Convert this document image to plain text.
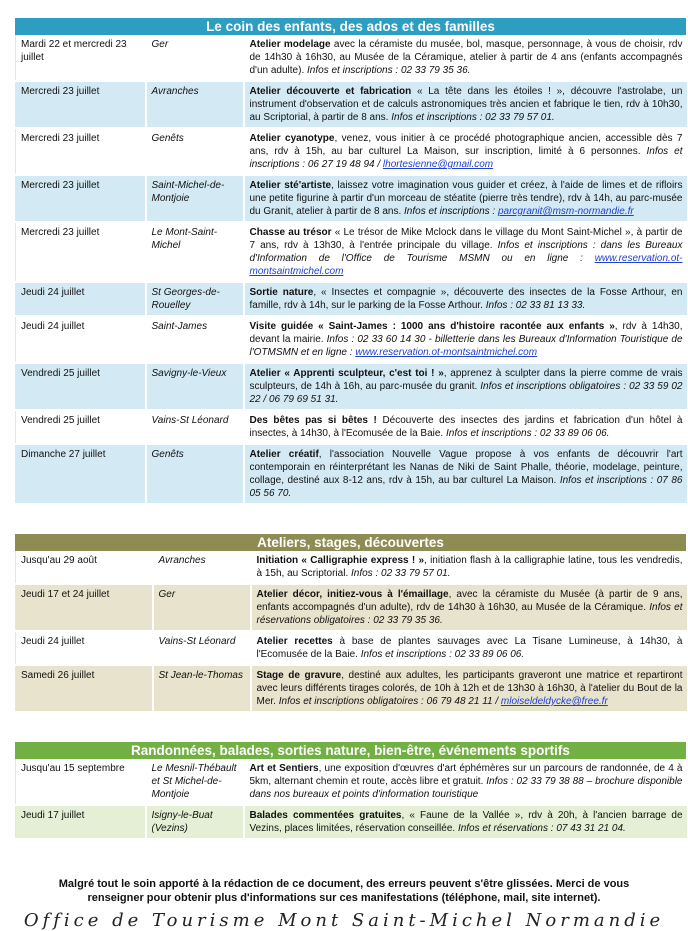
Le coin des enfants, des ados et des familles
Mardi 22 et mercredi 23 juillet	Ger	Atelier modelage avec la céramiste du musée, bol, masque, personnage, à vous de choisir, rdv de 14h30 à 16h30, au Musée de la Céramique, atelier à partir de 4 ans (enfants accompagnés d'un adulte). Infos et inscriptions : 02 33 79 35 36.
Mercredi 23 juillet	Avranches	Atelier découverte et fabrication « La tête dans les étoiles ! », découvre l'astrolabe, un instrument d'observation et de calculs astronomiques très ancien et fabrique le tien, rdv à 10h30, au Scriptorial, à partir de 8 ans. Infos et inscriptions : 02 33 79 57 01.
Mercredi 23 juillet	Genêts	Atelier cyanotype, venez, vous initier à ce procédé photographique ancien, accessible dès 7 ans, rdv à 15h, au bar culturel La Maison, sur inscription, limité à 6 personnes. Infos et inscriptions : 06 27 19 48 94 / lhortesienne@gmail.com
Mercredi 23 juillet	Saint-Michel-de-Montjoie	Atelier sté'artiste, laissez votre imagination vous guider et créez, à l'aide de limes et de rifloirs une petite figurine à partir d'un morceau de stéatite (pierre très tendre), rdv à 14h, au parc-musée du Granit, atelier à partir de 8 ans. Infos et inscriptions : parcgranit@msm-normandie.fr
Mercredi 23 juillet	Le Mont-Saint-Michel	Chasse au trésor « Le trésor de Mike Mclock dans le village du Mont Saint-Michel », à partir de 7 ans, rdv à 13h30, à l'entrée principale du village. Infos et inscriptions : dans les Bureaux d'Information de l'Office de Tourisme MSMN ou en ligne : www.reservation.ot-montsaintmichel.com
Jeudi 24 juillet	St Georges-de-Rouelley	Sortie nature, « Insectes et compagnie », découverte des insectes de la Fosse Arthour, en famille, rdv à 14h, sur le parking de la Fosse Arthour. Infos : 02 33 81 13 33.
Jeudi 24 juillet	Saint-James	Visite guidée « Saint-James : 1000 ans d'histoire racontée aux enfants », rdv à 14h30, devant la mairie. Infos : 02 33 60 14 30 - billetterie dans les Bureaux d'Information Touristique de l'OTMSMN et en ligne : www.reservation.ot-montsaintmichel.com
Vendredi 25 juillet	Savigny-le-Vieux	Atelier « Apprenti sculpteur, c'est toi ! », apprenez à sculpter dans la pierre comme de vrais sculpteurs, de 14h à 16h, au parc-musée du granit. Infos et inscriptions obligatoires : 02 33 59 02 22 / 06 79 69 51 31.
Vendredi 25 juillet	Vains-St Léonard	Des bêtes pas si bêtes ! Découverte des insectes des jardins et fabrication d'un hôtel à insectes, à 14h30, à l'Ecomusée de la Baie. Infos et inscriptions : 02 33 89 06 06.
Dimanche 27 juillet	Genêts	Atelier créatif, l'association Nouvelle Vague propose à vos enfants de découvrir l'art contemporain en réinterprétant les Nanas de Niki de Saint Phalle, théorie, modelage, peinture, collage, destiné aux 8-12 ans, rdv à 15h, au bar culturel La Maison. Infos et inscriptions : 07 86 05 56 70.
Ateliers, stages, découvertes
Jusqu'au 29 août	Avranches	Initiation « Calligraphie express ! », initiation flash à la calligraphie latine, tous les vendredis, à 15h, au Scriptorial. Infos : 02 33 79 57 01.
Jeudi 17 et 24 juillet	Ger	Atelier décor, initiez-vous à l'émaillage, avec la céramiste du Musée (à partir de 9 ans, enfants accompagnés d'un adulte), rdv de 14h30 à 16h30, au Musée de la Céramique. Infos et réservations obligatoires : 02 33 79 35 36.
Jeudi 24 juillet	Vains-St Léonard	Atelier recettes à base de plantes sauvages avec La Tisane Lumineuse, à 14h30, à l'Ecomusée de la Baie. Infos et inscriptions : 02 33 89 06 06.
Samedi 26 juillet	St Jean-le-Thomas	Stage de gravure, destiné aux adultes, les participants graveront une matrice et repartiront avec leurs différents tirages colorés, de 10h à 12h et de 13h30 à 16h30, à l'atelier du Bout de la Mer. Infos et inscriptions obligatoires : 06 79 48 21 11 / mloiseldeldycke@free.fr
Randonnées, balades, sorties nature, bien-être, événements sportifs
Jusqu'au 15 septembre	Le Mesnil-Thébault et St Michel-de-Montjoie	Art et Sentiers, une exposition d'œuvres d'art éphémères sur un parcours de randonnée, de 4 à 5km, alternant chemin et route, accès libre et gratuit. Infos : 02 33 79 38 88 – brochure disponible dans nos bureaux et points d'information touristique
Jeudi 17 juillet	Isigny-le-Buat (Vezins)	Balades commentées gratuites, « Faune de la Vallée », rdv à 20h, à l'ancien barrage de Vezins, places limitées, réservation conseillée. Infos et réservations : 07 43 31 21 04.
Malgré tout le soin apporté à la rédaction de ce document, des erreurs peuvent s'être glissées. Merci de vous
renseigner pour obtenir plus d'informations sur ces manifestations (téléphone, mail, site internet).
Office de Tourisme Mont Saint-Michel Normandie
